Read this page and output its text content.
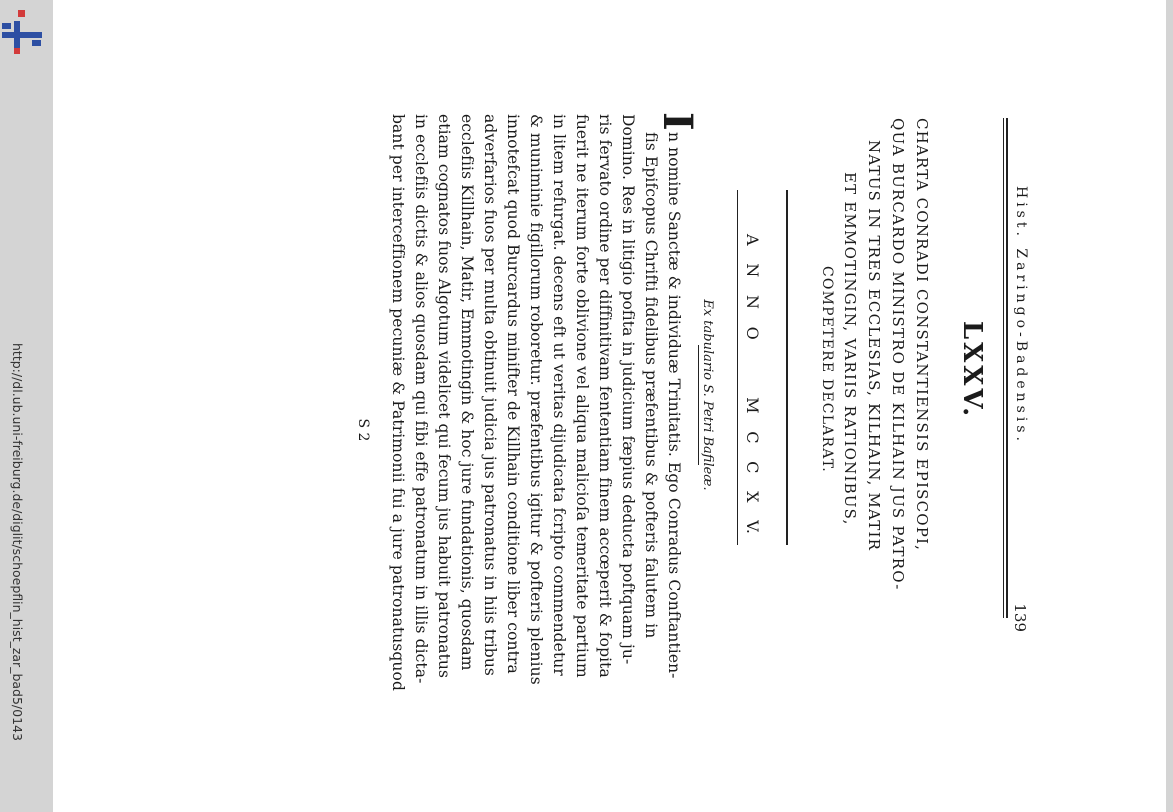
http://dl.ub.uni-freiburg.de/diglit/schoepflin_hist_zar_bad5/0143
Hist. Zaringo-Badensis.
139
LXXV.
CHARTA CONRADI CONSTANTIENSIS EPISCOPI,
QUA BURCARDO MINISTRO DE KILHAIN JUS PATRO-
NATUS IN TRES ECCLESIAS, KILHAIN, MATIR
ET EMMOTINGIN, VARIIS RATIONIBUS,
COMPETERE DECLARAT.
A
N
N
O
M
C
C
X
V.
Ex tabulario S. Petri Bafileæ.
I
n nomine Sanctæ & individuæ Trinitatis. Ego Conradus Conftantien-
fis Epifcopus Chrifti fidelibus præfentibus & pofteris falutem in
Domino. Res in litigio pofita in judicium fæpius deducta poftquam ju-
ris fervato ordine per diffinitivam fententiam finem accœperit & fopita
fuerit ne iterum forte oblivione vel aliqua malicioſa temeritate partium
in litem refurgat. decens eft ut veritas dijudicata fcripto commendetur
& muniminie figillorum roboretur. præfentibus igitur & pofteris plenius
innotefcat quod Burcardus minifter de Killhain conditione liber contra
adverfarios fuos per multa obtinuit judicia jus patronatus in hiis tribus
ecclefiis Killhain, Matir, Emmotingin & hoc jure fundationis, quosdam
etiam cognatos fuos Algotum videlicet qui fecum jus habuit patronatus
in ecclefiis dictis & alios quosdam qui fibi effe patronatum in illis dicta-
bant per interceffionem pecuniæ & Patrimonii fui a jure patronatusquod
S 2
